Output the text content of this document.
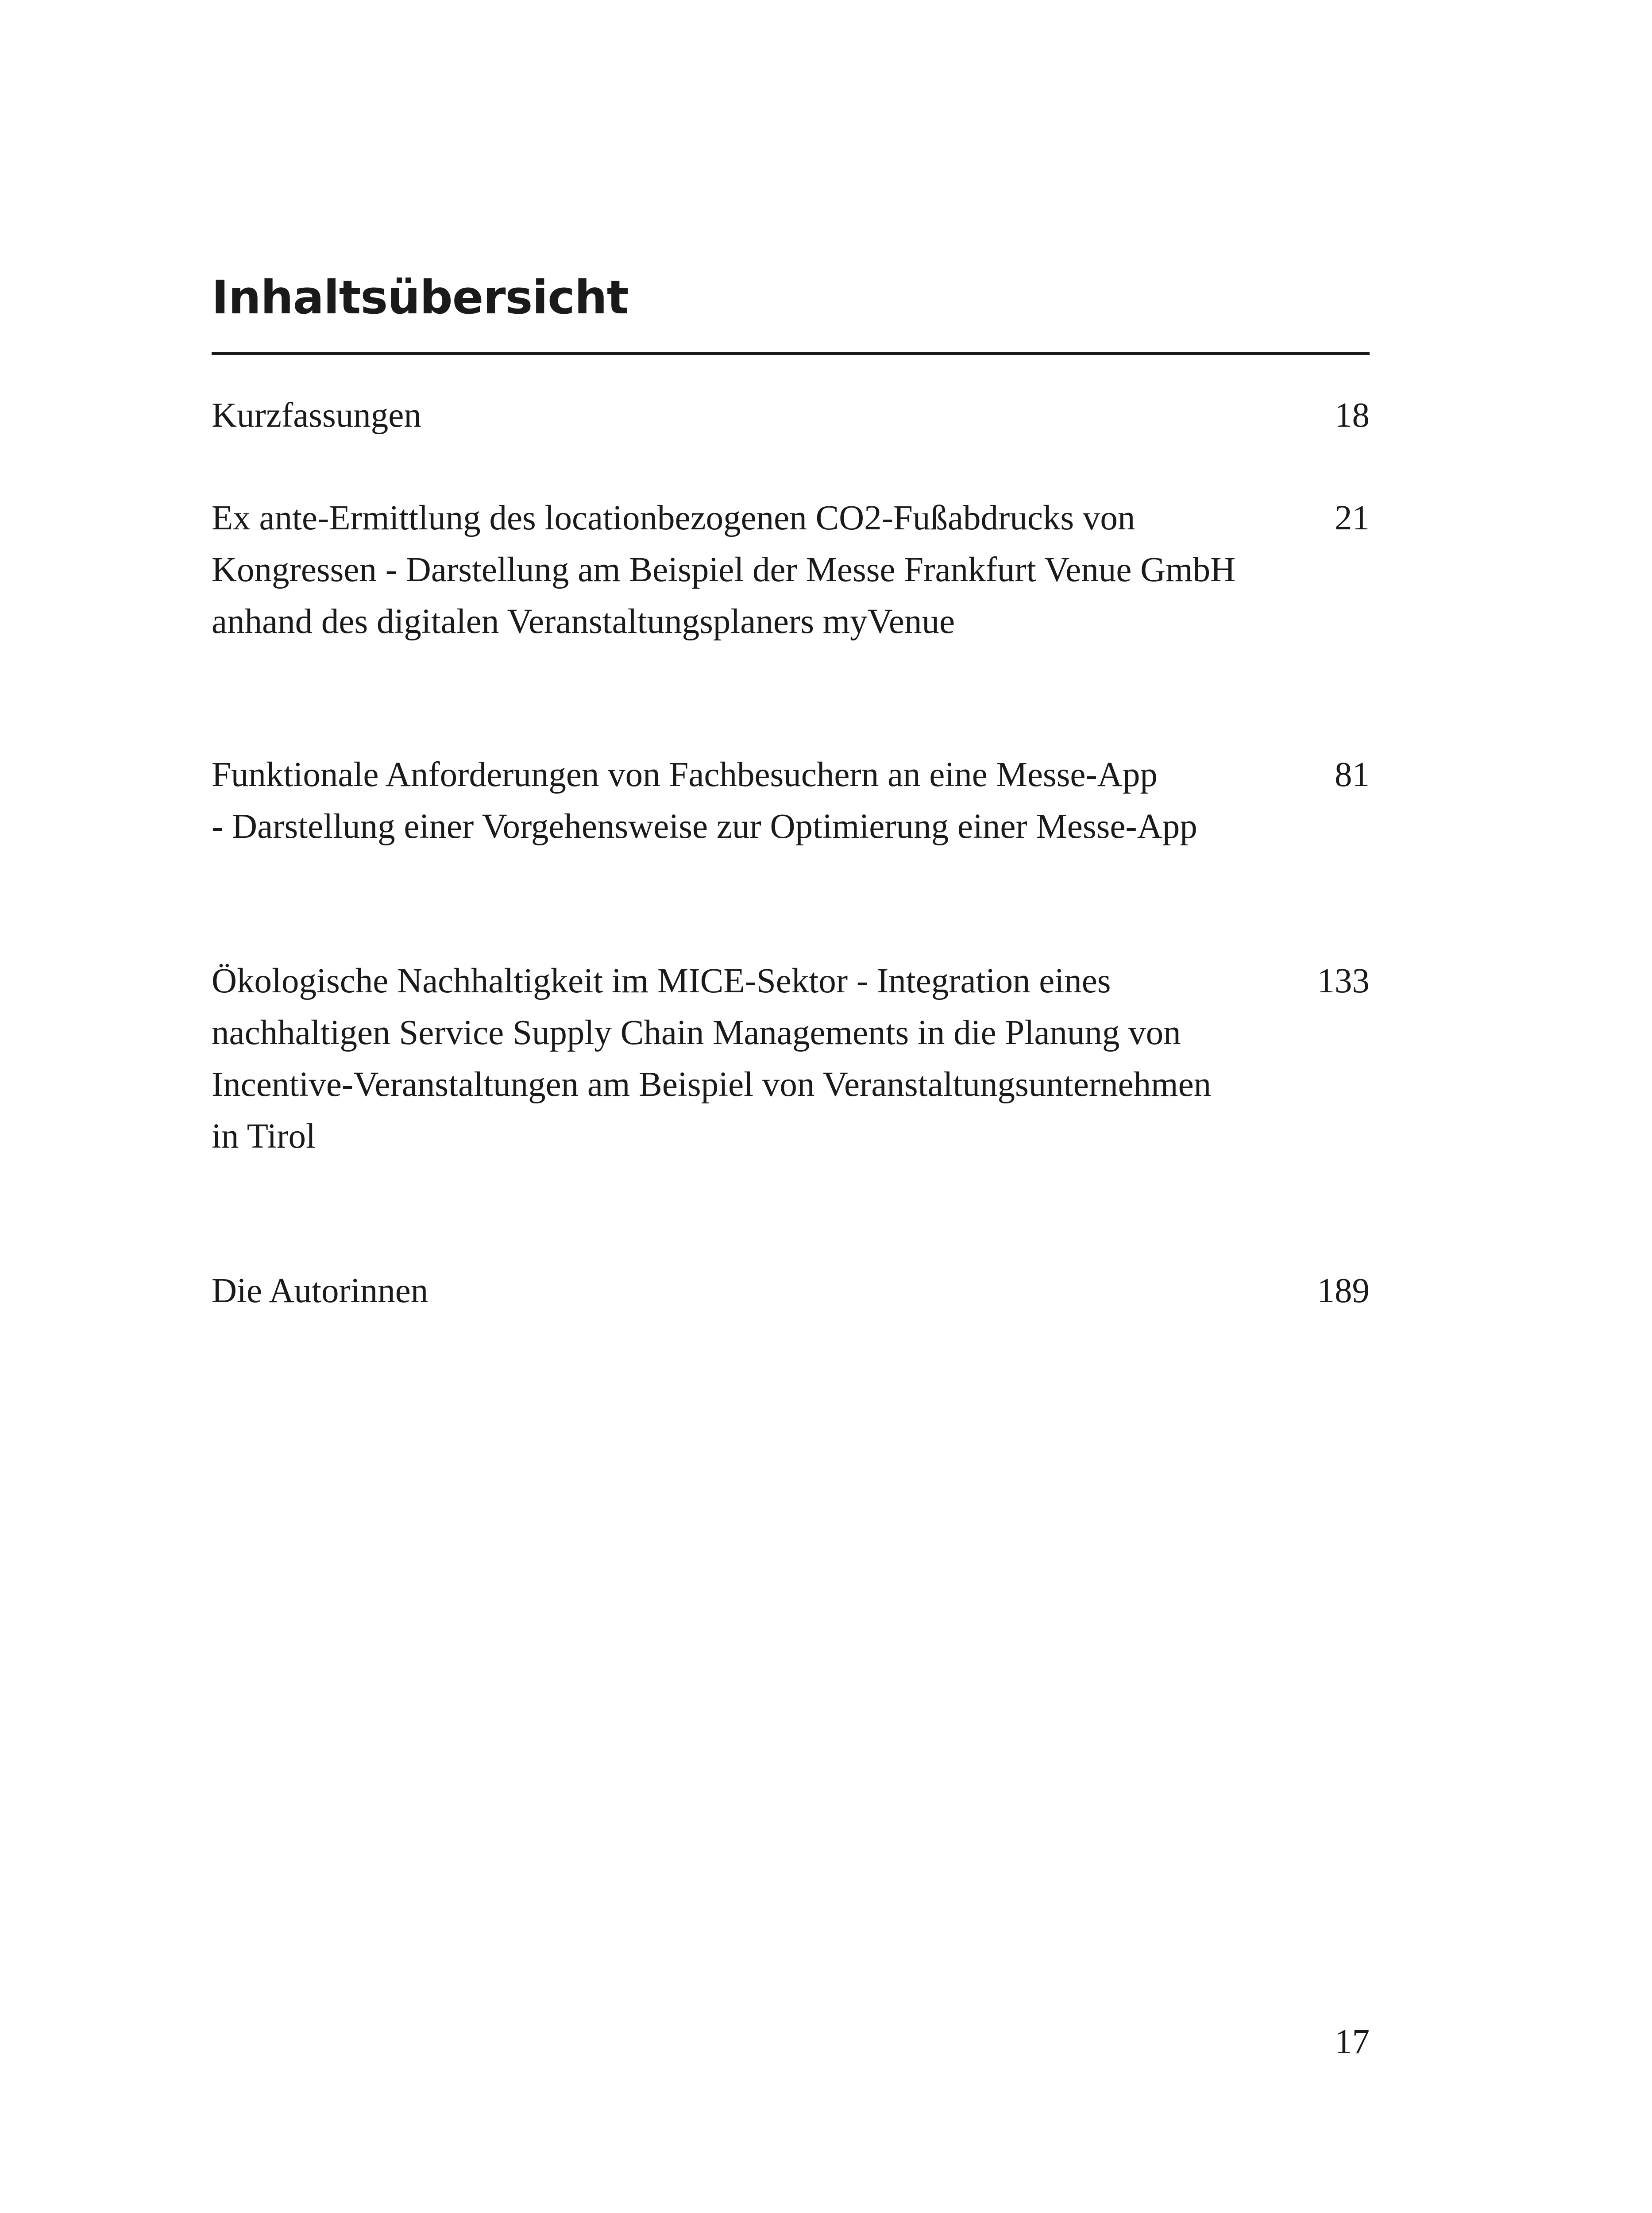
Inhaltsübersicht
Kurzfassungen	18
Ex ante-Ermittlung des locationbezogenen CO2-Fußabdrucks von
Kongressen - Darstellung am Beispiel der Messe Frankfurt Venue GmbH
anhand des digitalen Veranstaltungsplaners myVenue
21
Funktionale Anforderungen von Fachbesuchern an eine Messe-App
- Darstellung einer Vorgehensweise zur Optimierung einer Messe-App
81
Ökologische Nachhaltigkeit im MICE-Sektor - Integration eines
nachhaltigen Service Supply Chain Managements in die Planung von
Incentive-Veranstaltungen am Beispiel von Veranstaltungsunternehmen
in Tirol
133
Die Autorinnen	189
17
